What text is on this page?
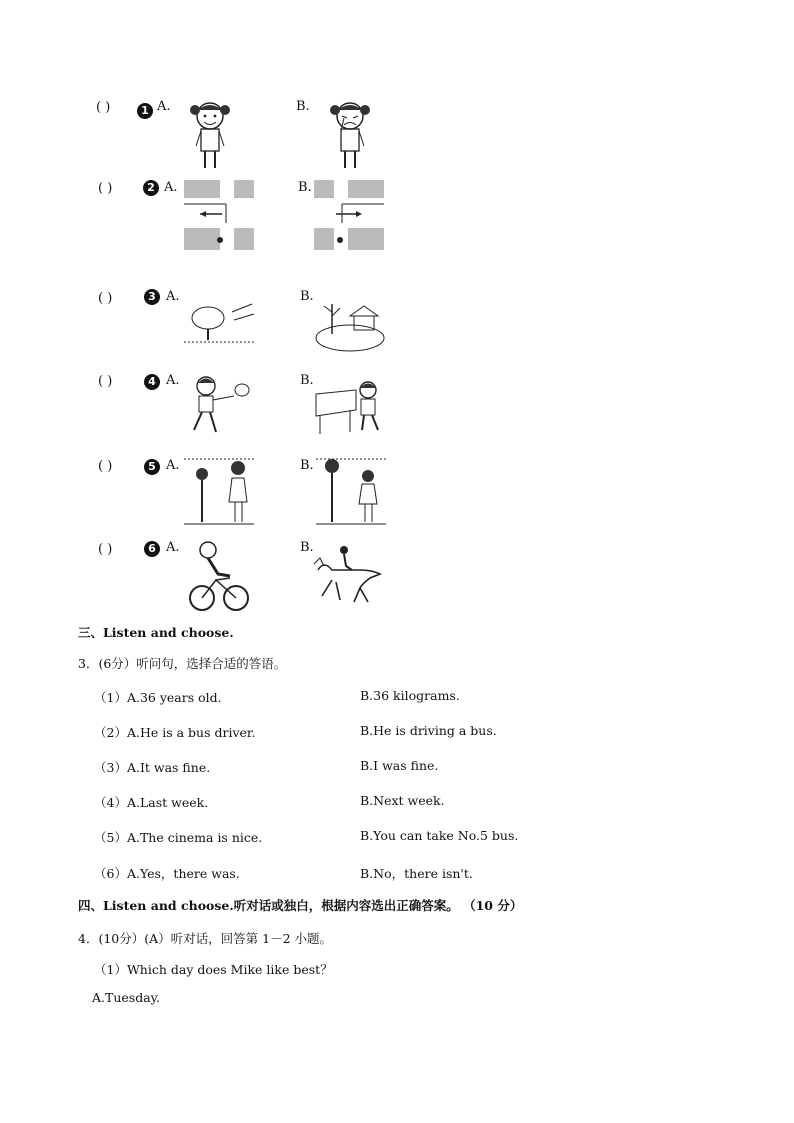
( )	1 A.	B.
( )	2 A.	B.
( )	3 A.	B.
( )	4 A.	B.
( )	5 A.	B.
( )	6 A.	B.
三、Listen and choose.
3．(6分）听问句，选择合适的答语。
（1）A.36 years old.	B.36 kilograms.
（2）A.He is a bus driver.	B.He is driving a bus.
（3）A.It was fine.	B.I was fine.
（4）A.Last week.	B.Next week.
（5）A.The cinema is nice.	B.You can take No.5 bus.
（6）A.Yes，there was.	B.No，there isn't.
四、Listen and choose.听对话或独白，根据内容选出正确答案。 （10 分）
4．(10分）(A）听对话，回答第 1－2 小题。
（1）Which day does Mike like best？
A.Tuesday.
